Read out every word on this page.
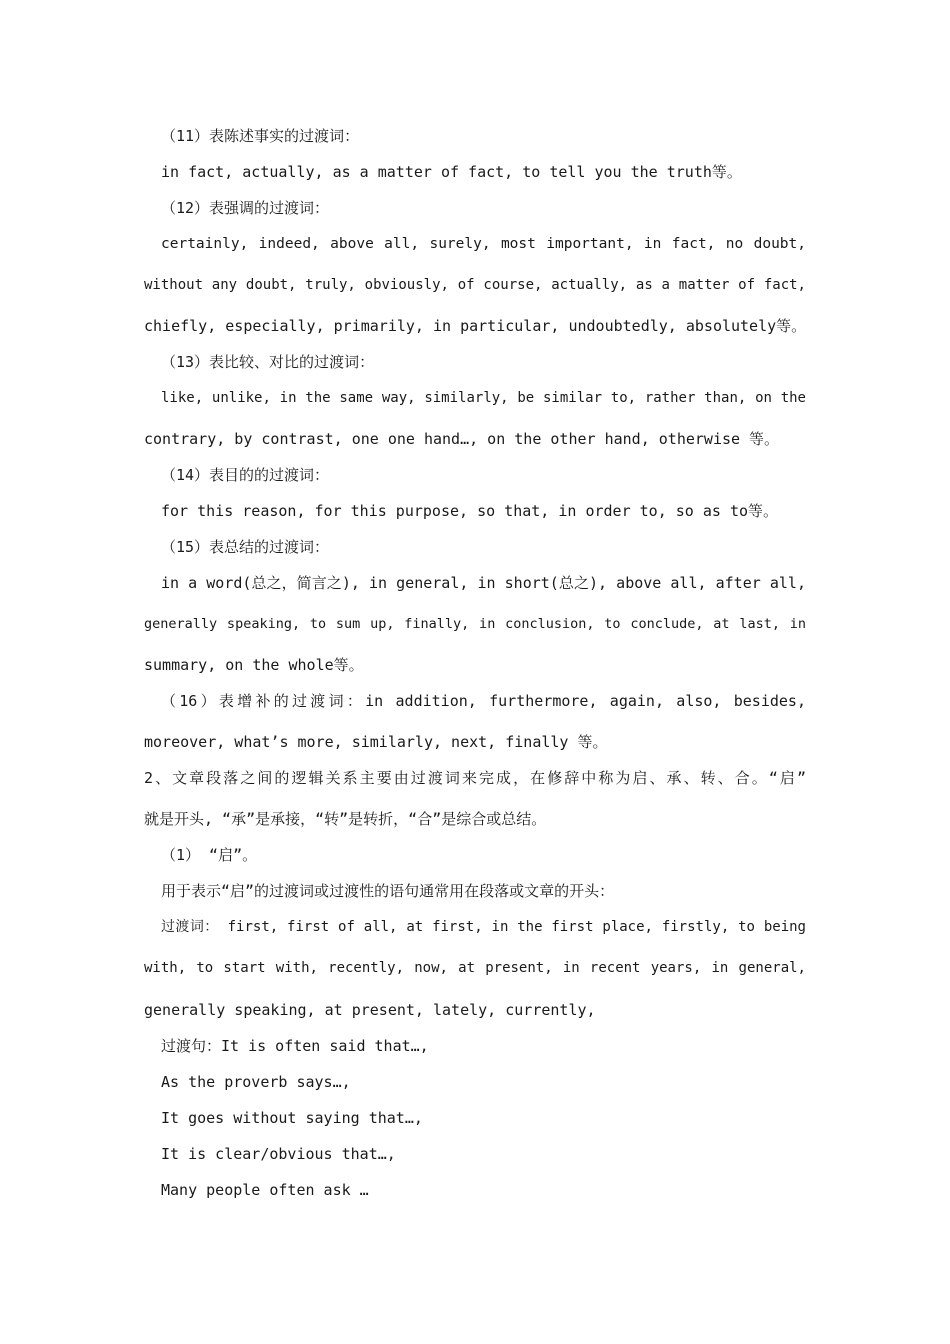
（11）表陈述事实的过渡词：
in fact, actually, as a matter of fact, to tell you the truth等。
（12）表强调的过渡词：
certainly, indeed, above all, surely, most important, in fact, no doubt,
without any doubt, truly, obviously, of course, actually, as a matter of fact,
chiefly, especially, primarily, in particular, undoubtedly, absolutely等。
（13）表比较、对比的过渡词：
like, unlike, in the same way, similarly, be similar to, rather than, on the
contrary, by contrast, one one hand…, on the other hand, otherwise 等。
（14）表目的的过渡词：
for this reason, for this purpose, so that, in order to, so as to等。
（15）表总结的过渡词：
in a word(总之，简言之), in general, in short(总之), above all, after all,
generally speaking, to sum up, finally, in conclusion, to conclude, at last, in
summary, on the whole等。
（16）表增补的过渡词：in addition, furthermore, again, also, besides,
moreover, what’s more, similarly, next, finally 等。
2、文章段落之间的逻辑关系主要由过渡词来完成，在修辞中称为启、承、转、合。“启”
就是开头, “承”是承接，“转”是转折，“合”是综合或总结。
（1） “启”。
用于表示“启”的过渡词或过渡性的语句通常用在段落或文章的开头：
过渡词： first, first of all, at first, in the first place, firstly, to being
with, to start with, recently, now, at present, in recent years, in general,
generally speaking, at present, lately, currently,
过渡句：It is often said that…,
As the proverb says…,
It goes without saying that…,
It is clear/obvious that…,
Many people often ask …
